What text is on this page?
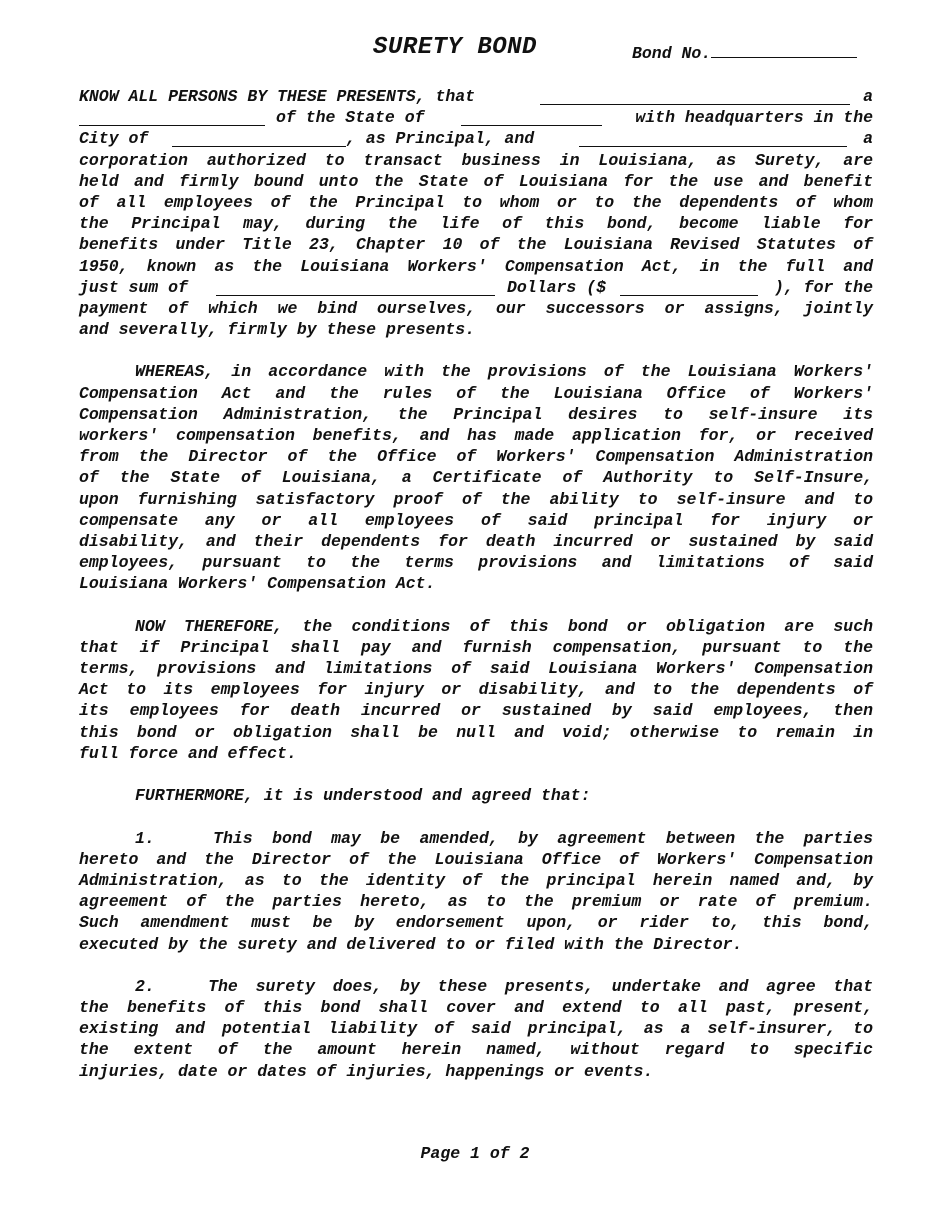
SURETY BOND	Bond No.
KNOW ALL PERSONS BY THESE PRESENTS, that	a
of the State of	with headquarters in the
City of	, as Principal, and	a
corporation authorized to transact business in Louisiana, as Surety, are
held and firmly bound unto the State of Louisiana for the use and benefit
of all employees of the Principal to whom or to the dependents of whom
the Principal may, during the life of this bond, become liable for
benefits under Title 23, Chapter 10 of the Louisiana Revised Statutes of
1950, known as the Louisiana Workers' Compensation Act, in the full and
just sum of	Dollars ($	), for the
payment of which we bind ourselves, our successors or assigns, jointly
and severally, firmly by these presents.
WHEREAS, in accordance with the provisions of the Louisiana Workers'
Compensation Act and the rules of the Louisiana Office of Workers'
Compensation Administration, the Principal desires to self-insure its
workers' compensation benefits, and has made application for, or received
from the Director of the Office of Workers' Compensation Administration
of the State of Louisiana, a Certificate of Authority to Self-Insure,
upon furnishing satisfactory proof of the ability to self-insure and to
compensate any or all employees of said principal for injury or
disability, and their dependents for death incurred or sustained by said
employees, pursuant to the terms provisions and limitations of said
Louisiana Workers' Compensation Act.
NOW THEREFORE, the conditions of this bond or obligation are such
that if Principal shall pay and furnish compensation, pursuant to the
terms, provisions and limitations of said Louisiana Workers' Compensation
Act to its employees for injury or disability, and to the dependents of
its employees for death incurred or sustained by said employees, then
this bond or obligation shall be null and void; otherwise to remain in
full force and effect.
FURTHERMORE, it is understood and agreed that:
1.   This bond may be amended, by agreement between the parties
hereto and the Director of the Louisiana Office of Workers' Compensation
Administration, as to the identity of the principal herein named and, by
agreement of the parties hereto, as to the premium or rate of premium.
Such amendment must be by endorsement upon, or rider to, this bond,
executed by the surety and delivered to or filed with the Director.
2.   The surety does, by these presents, undertake and agree that
the benefits of this bond shall cover and extend to all past, present,
existing and potential liability of said principal, as a self-insurer, to
the extent of the amount herein named, without regard to specific
injuries, date or dates of injuries, happenings or events.
Page 1 of 2
